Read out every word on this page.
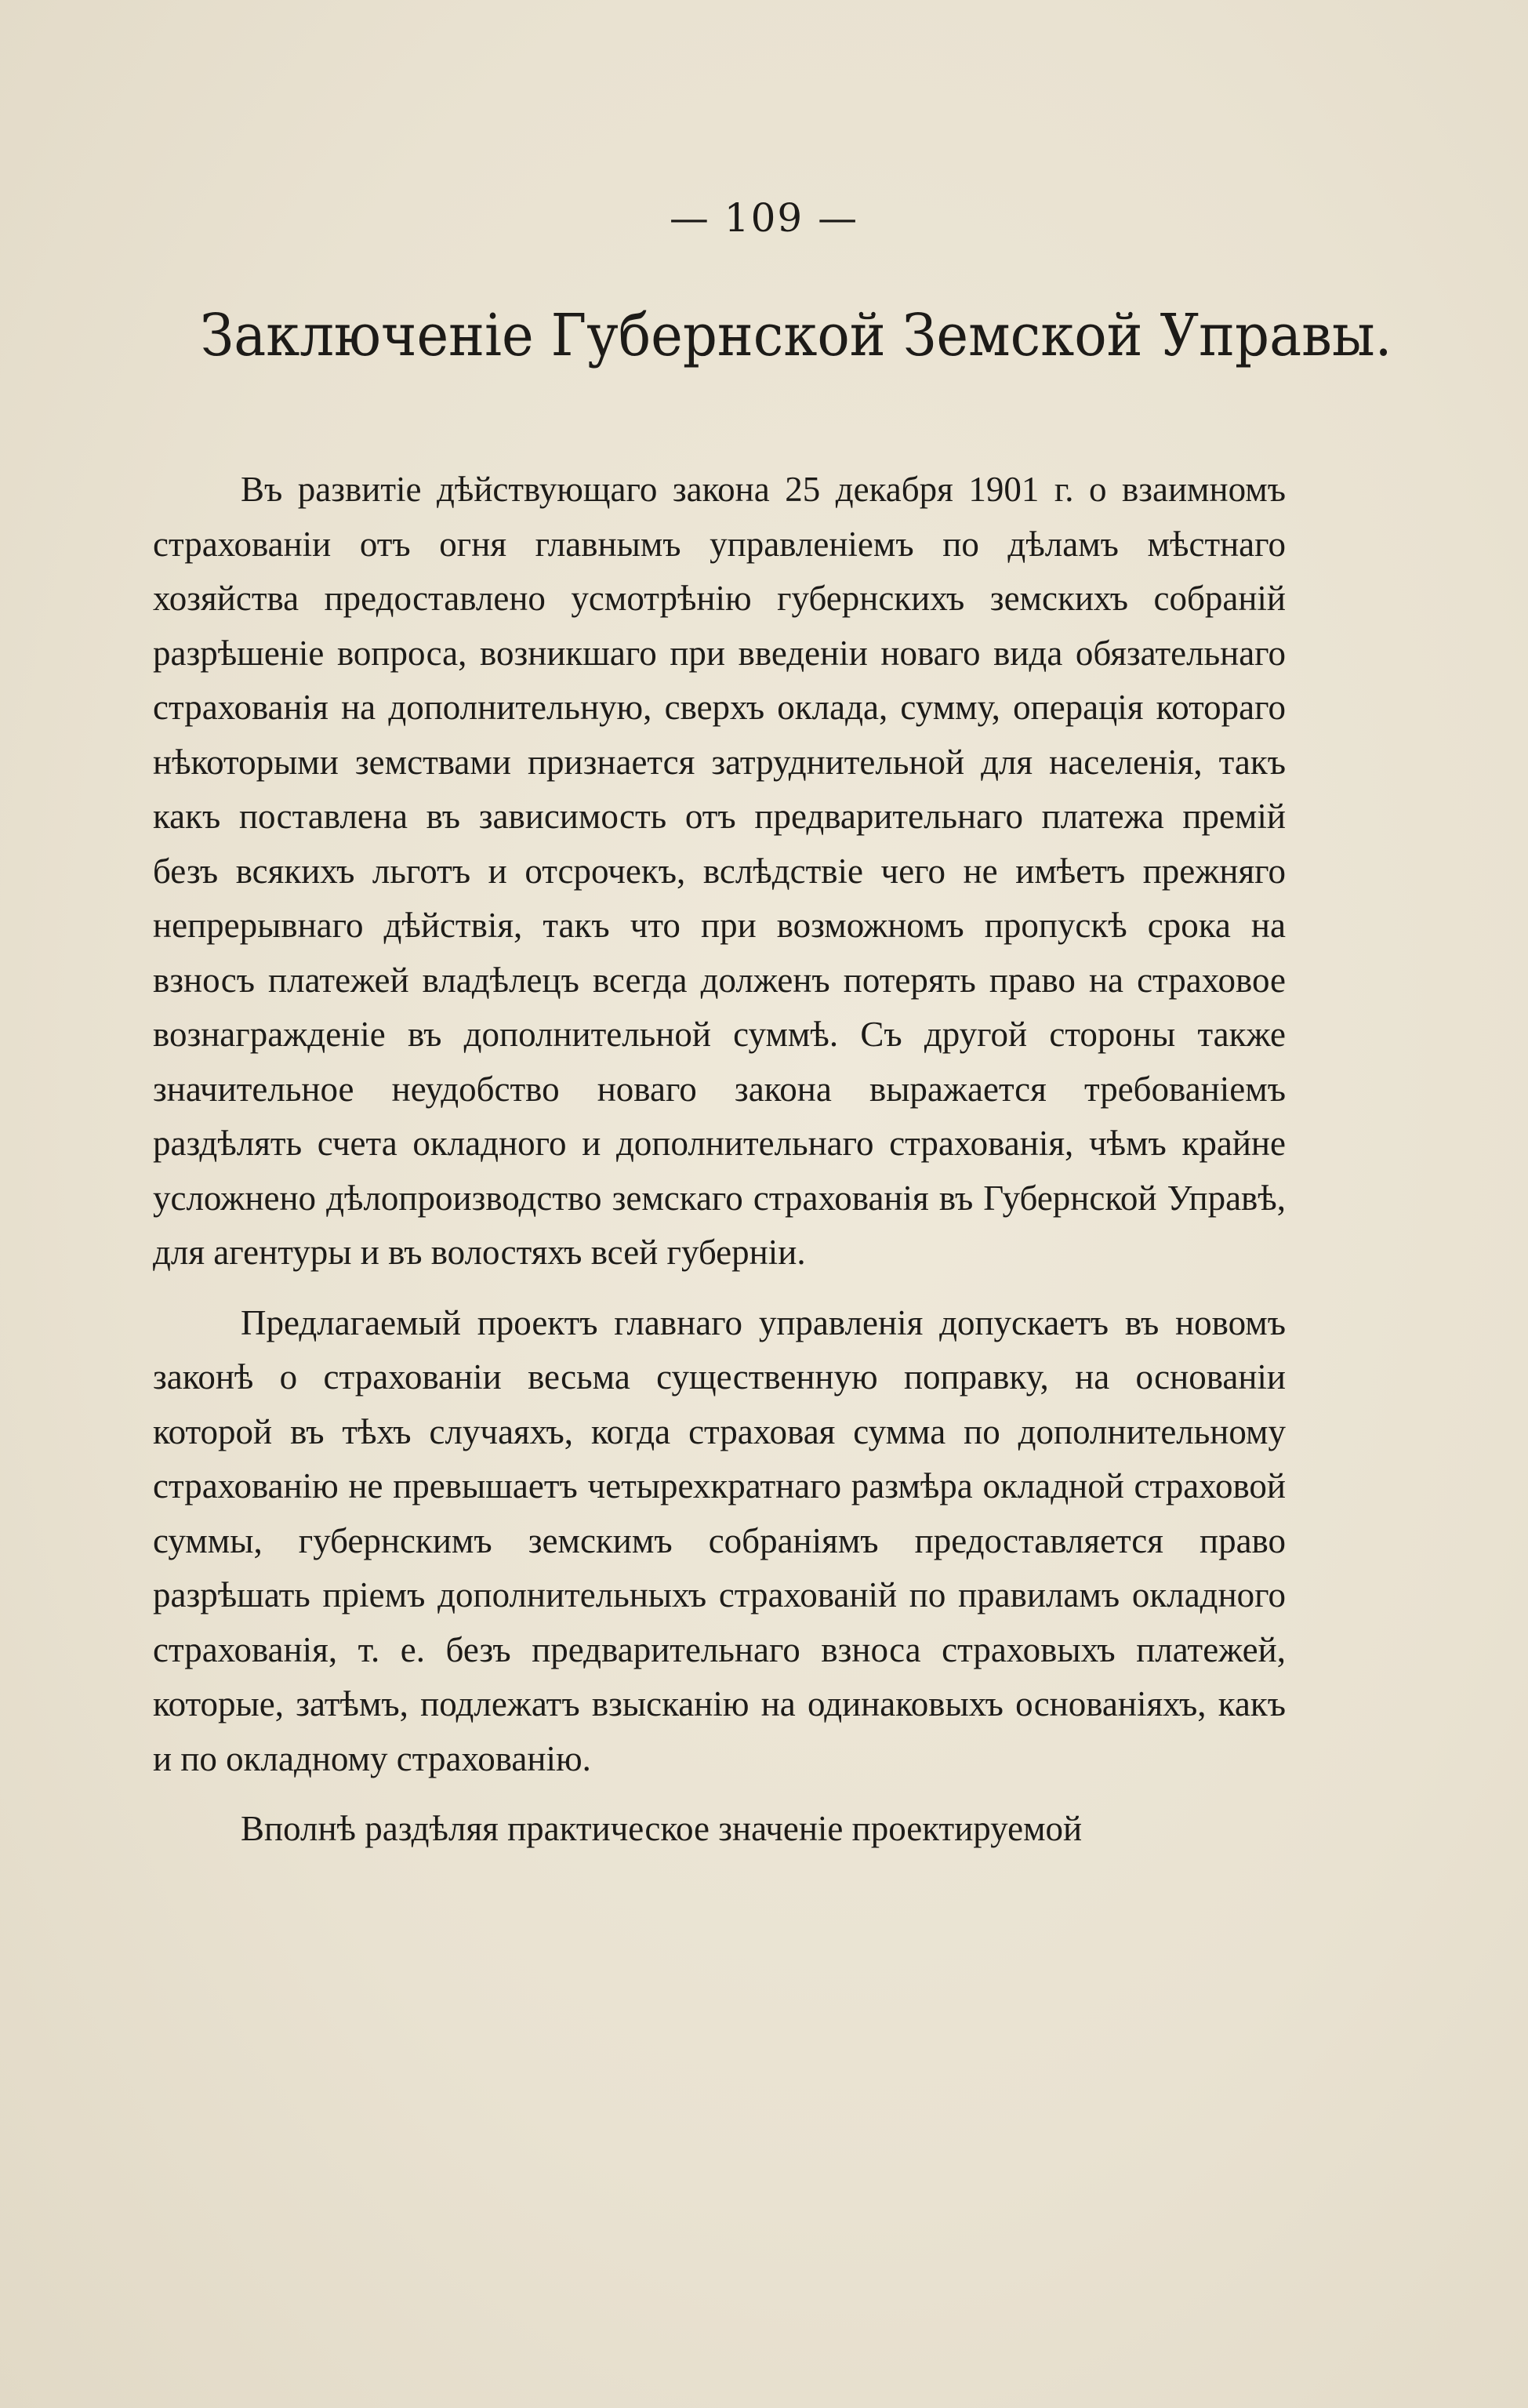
— 109 —
Заключенiе Губернской Земской Управы.

Въ развитiе дѣйствующаго закона 25 декабря 1901 г. о взаимномъ страхованiи отъ огня главнымъ управленiемъ по дѣламъ мѣстнаго хозяйства предоставлено усмотрѣнiю губернскихъ земскихъ собранiй разрѣшенiе вопроса, возникшаго при введенiи новаго вида обязательнаго страхованiя на дополнительную, сверхъ оклада, сумму, операцiя котораго нѣкоторыми земствами признается затруднительной для населенiя, такъ какъ поставлена въ зависимость отъ предварительнаго платежа премiй безъ всякихъ льготъ и отсрочекъ, вслѣдствiе чего не имѣетъ прежняго непрерывнаго дѣйствiя, такъ что при возможномъ пропускѣ срока на взносъ платежей владѣлецъ всегда долженъ потерять право на страховое вознагражденiе въ дополнительной суммѣ. Съ другой стороны также значительное неудобство новаго закона выражается требованiемъ раздѣлять счета окладного и дополнительнаго страхованiя, чѣмъ крайне усложнено дѣлопроизводство земскаго страхованiя въ Губернской Управѣ, для агентуры и въ волостяхъ всей губернiи.

Предлагаемый проектъ главнаго управленiя допускаетъ въ новомъ законѣ о страхованiи весьма существенную поправку, на основанiи которой въ тѣхъ случаяхъ, когда страховая сумма по дополнительному страхованiю не превышаетъ четырехкратнаго размѣра окладной страховой суммы, губернскимъ земскимъ собранiямъ предоставляется право разрѣшать прiемъ дополнительныхъ страхованiй по правиламъ окладного страхованiя, т. е. безъ предварительнаго взноса страховыхъ платежей, которые, затѣмъ, подлежатъ взысканiю на одинаковыхъ основанiяхъ, какъ и по окладному страхованiю.

Вполнѣ раздѣляя практическое значенiе проектируемой
